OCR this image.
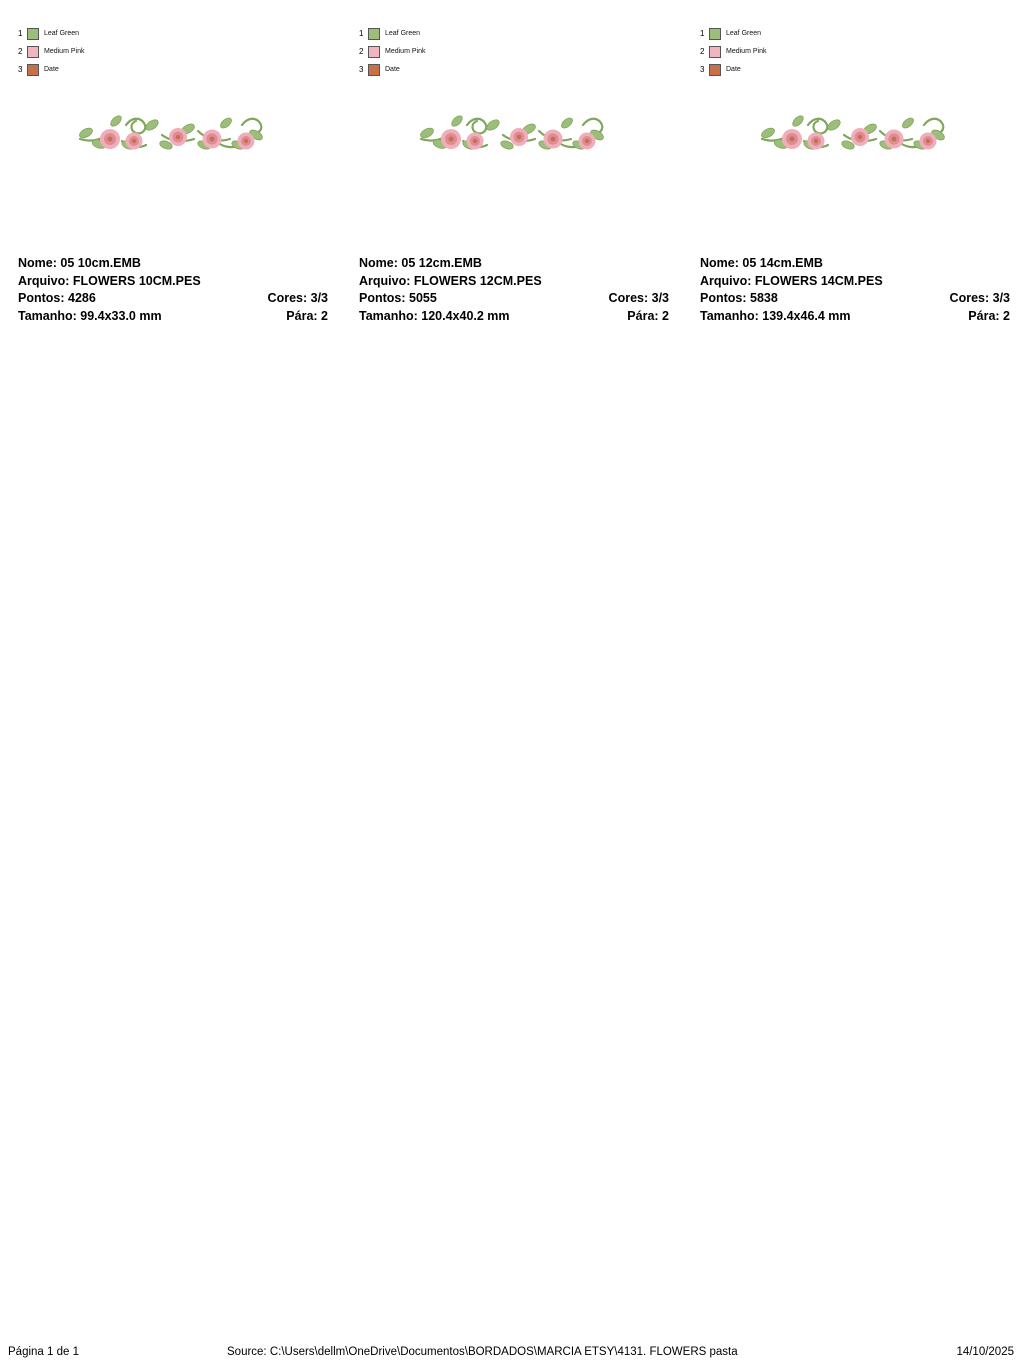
1	Leaf Green
2	Medium Pink
3	Date
Nome: 05 10cm.EMB
Arquivo: FLOWERS 10CM.PES
Pontos: 4286	Cores: 3/3
Tamanho: 99.4x33.0 mm	Pára: 2
1	Leaf Green
2	Medium Pink
3	Date
Nome: 05 12cm.EMB
Arquivo: FLOWERS 12CM.PES
Pontos: 5055	Cores: 3/3
Tamanho: 120.4x40.2 mm	Pára: 2
1	Leaf Green
2	Medium Pink
3	Date
Nome: 05 14cm.EMB
Arquivo: FLOWERS 14CM.PES
Pontos: 5838	Cores: 3/3
Tamanho: 139.4x46.4 mm	Pára: 2
Página 1 de 1	Source: C:\Users\dellm\OneDrive\Documentos\BORDADOS\MARCIA ETSY\4131. FLOWERS pasta	14/10/2025
